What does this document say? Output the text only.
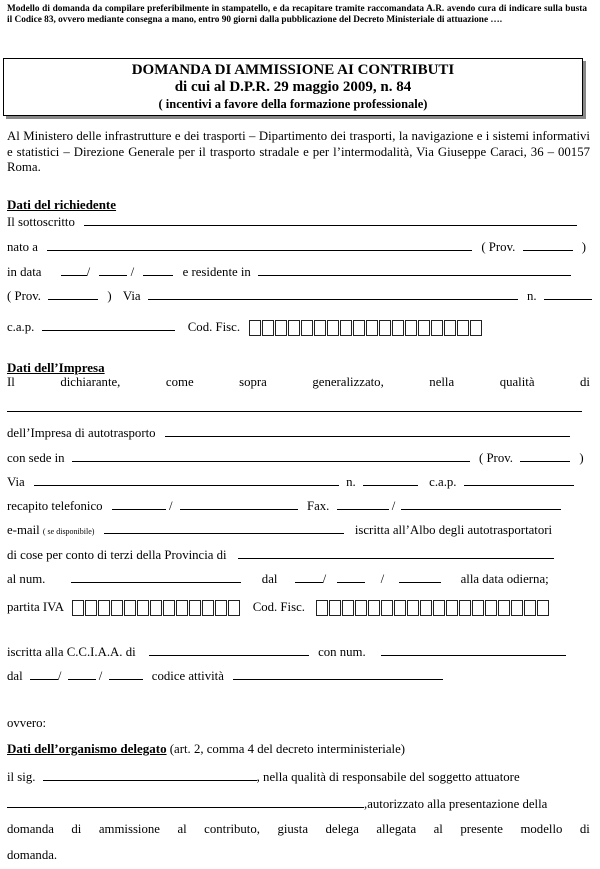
Modello di domanda da compilare preferibilmente in stampatello, e da recapitare tramite raccomandata A.R. avendo cura di indicare sulla busta il Codice 83, ovvero mediante consegna a mano, entro 90 giorni dalla pubblicazione del Decreto Ministeriale di attuazione ….
DOMANDA DI AMMISSIONE AI CONTRIBUTI
di cui al D.P.R. 29 maggio 2009, n. 84
( incentivi a favore della formazione professionale)
Al Ministero delle infrastrutture e dei trasporti – Dipartimento dei trasporti, la navigazione e i sistemi informativi e statistici – Direzione Generale per il trasporto stradale e per l’intermodalità, Via Giuseppe Caraci, 36 – 00157 Roma.
Dati del richiedente
Il sottoscritto
nato a	( Prov.	)
in data	/	/	e residente in
( Prov.	) Via	n.
c.a.p.	Cod. Fisc.
Dati dell’Impresa
Il	dichiarante,	come	sopra	generalizzato,	nella	qualità	di
dell’Impresa di autotrasporto
con sede in	( Prov.	)
Via	n.	c.a.p.
recapito telefonico	/	Fax.	/
e-mail ( se disponibile)	iscritta all’Albo degli autotrasportatori
di cose per conto di terzi della Provincia di
al num.	dal	/	/	alla data odierna;
partita IVA	Cod. Fisc.
iscritta alla C.C.I.A.A. di	con num.
dal	/  /	codice attività
ovvero:
Dati dell’organismo delegato (art. 2, comma 4 del decreto interministeriale)
il sig.	, nella qualità di responsabile del soggetto attuatore
,autorizzato alla presentazione della
domanda di ammissione al contributo, giusta delega allegata al presente modello di
domanda.
